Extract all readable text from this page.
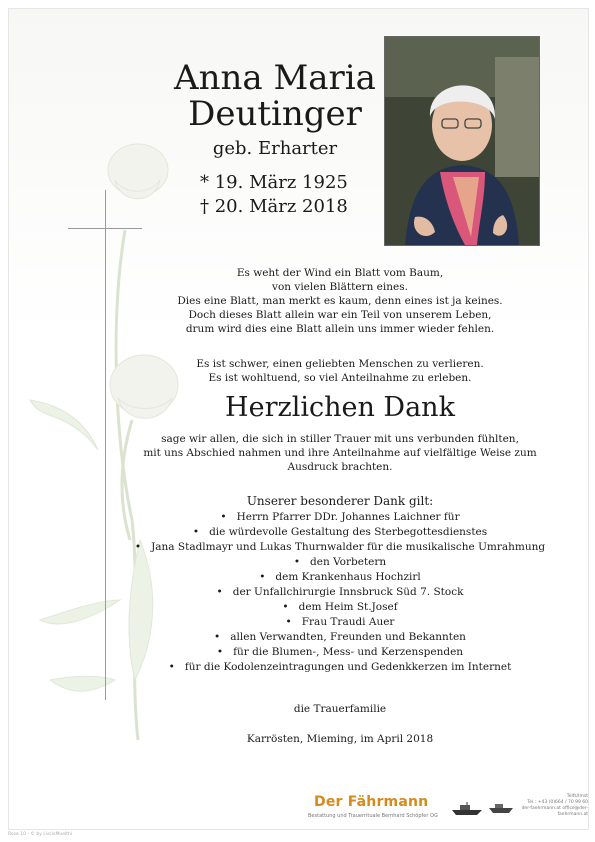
Anna Maria
Deutinger
geb. Erharter
* 19. März 1925
† 20. März 2018
Es weht der Wind ein Blatt vom Baum,
von vielen Blättern eines.
Dies eine Blatt, man merkt es kaum, denn eines ist ja keines.
Doch dieses Blatt allein war ein Teil von unserem Leben,
drum wird dies eine Blatt allein uns immer wieder fehlen.
Es ist schwer, einen geliebten Menschen zu verlieren.
Es ist wohltuend, so viel Anteilnahme zu erleben.
Herzlichen Dank
sage wir allen, die sich in stiller Trauer mit uns verbunden fühlten,
mit uns Abschied nahmen und ihre Anteilnahme auf vielfältige Weise zum
Ausdruck brachten.
Unserer besonderer Dank gilt:
•   Herrn Pfarrer DDr. Johannes Laichner für
•   die würdevolle Gestaltung des Sterbegottesdienstes
•   Jana Stadlmayr und Lukas Thurnwalder für die musikalische Umrahmung
•   den Vorbetern
•   dem Krankenhaus Hochzirl
•   der Unfallchirurgie Innsbruck Süd 7. Stock
•   dem Heim St.Josef
•   Frau Traudi Auer
•   allen Verwandten, Freunden und Bekannten
•   für die Blumen-, Mess- und Kerzenspenden
•   für die Kodolenzeintragungen und Gedenkkerzen im Internet
die Trauerfamilie
Karrösten, Mieming, im April 2018
Der Fährmann
Bestattung und Trauerrituale Bernhard Schöpfer OG
Telfs/Imst
Tel.: +43 (0)664 / 70 99 60
der-faehrmann.at office@der-faehrmann.at
Rose 10 - © by LiscisMuelthi
